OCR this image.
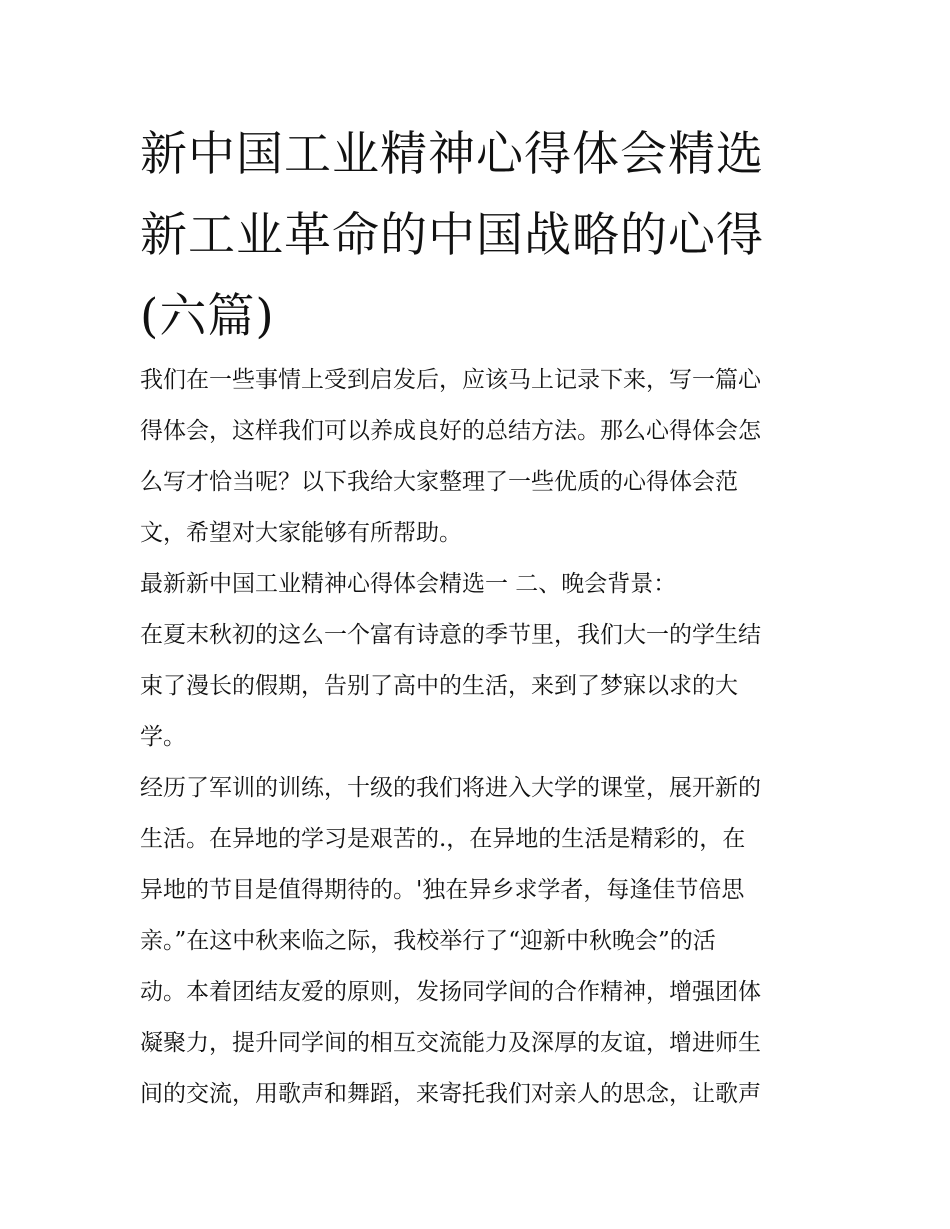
新中国工业精神心得体会精选
新工业革命的中国战略的心得
(六篇)
我们在一些事情上受到启发后，应该马上记录下来，写一篇心
得体会，这样我们可以养成良好的总结方法。那么心得体会怎
么写才恰当呢？以下我给大家整理了一些优质的心得体会范
文，希望对大家能够有所帮助。
最新新中国工业精神心得体会精选一 二、晚会背景：
在夏末秋初的这么一个富有诗意的季节里，我们大一的学生结
束了漫长的假期，告别了高中的生活，来到了梦寐以求的大
学。
经历了军训的训练，十级的我们将进入大学的课堂，展开新的
生活。在异地的学习是艰苦的.，在异地的生活是精彩的，在
异地的节目是值得期待的。'独在异乡求学者，每逢佳节倍思
亲。”在这中秋来临之际，我校举行了“迎新中秋晚会”的活
动。本着团结友爱的原则，发扬同学间的合作精神，增强团体
凝聚力，提升同学间的相互交流能力及深厚的友谊，增进师生
间的交流，用歌声和舞蹈，来寄托我们对亲人的思念，让歌声
